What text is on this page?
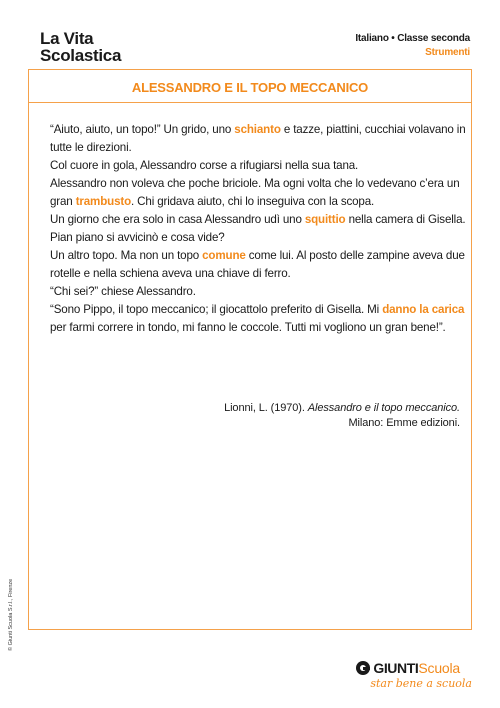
La Vita
Scolastica
Italiano • Classe seconda
Strumenti
ALESSANDRO E IL TOPO MECCANICO

“Aiuto, aiuto, un topo!” Un grido, uno schianto e tazze, piattini, cucchiai volavano in tutte le direzioni.

Col cuore in gola, Alessandro corse a rifugiarsi nella sua tana.

Alessandro non voleva che poche briciole. Ma ogni volta che lo vedevano c’era un gran trambusto. Chi gridava aiuto, chi lo inseguiva con la scopa.

Un giorno che era solo in casa Alessandro udì uno squittio nella camera di Gisella. Pian piano si avvicinò e cosa vide?

Un altro topo. Ma non un topo comune come lui. Al posto delle zampine aveva due rotelle e nella schiena aveva una chiave di ferro.

“Chi sei?” chiese Alessandro.

“Sono Pippo, il topo meccanico; il giocattolo preferito di Gisella. Mi danno la carica per farmi correre in tondo, mi fanno le coccole. Tutti mi vogliono un gran bene!”.

Lionni, L. (1970). Alessandro e il topo meccanico.
Milano: Emme edizioni.
© Giunti Scuola S.r.l., Firenze
GIUNTI Scuola
star bene a scuola
